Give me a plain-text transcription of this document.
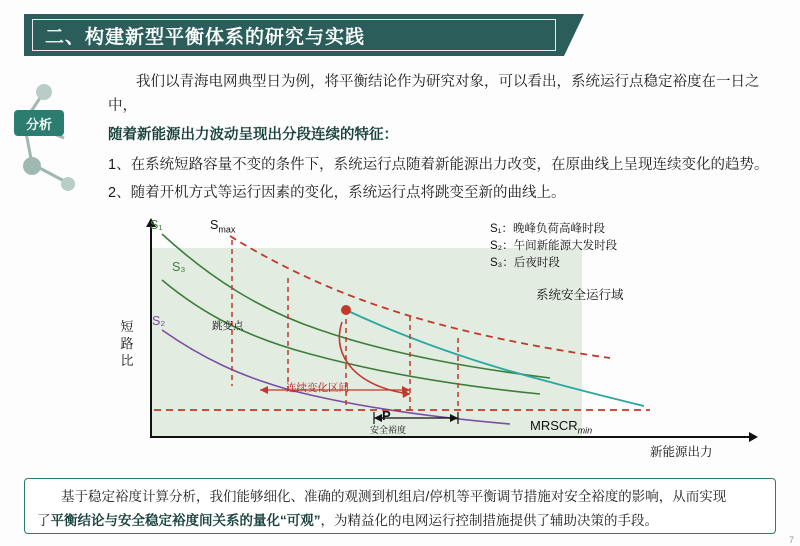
二、构建新型平衡体系的研究与实践
分析
我们以青海电网典型日为例，将平衡结论作为研究对象，可以看出，系统运行点稳定裕度在一日之中，
随着新能源出力波动呈现出分段连续的特征：
1、在系统短路容量不变的条件下，系统运行点随着新能源出力改变，在原曲线上呈现连续变化的趋势。
2、随着开机方式等运行因素的变化，系统运行点将跳变至新的曲线上。
短路比
新能源出力
S₁	$S_{max}$
S₃
S₂	跳变点
连续变化区间
P
安全裕度	$MRSCR_{min}$
S₁：晚峰负荷高峰时段
S₂：午间新能源大发时段
S₃：后夜时段
系统安全运行域

基于稳定裕度计算分析，我们能够细化、准确的观测到机组启/停机等平衡调节措施对安全裕度的影响，从而实现

了平衡结论与安全稳定裕度间关系的量化“可观”，为精益化的电网运行控制措施提供了辅助决策的手段。

7
